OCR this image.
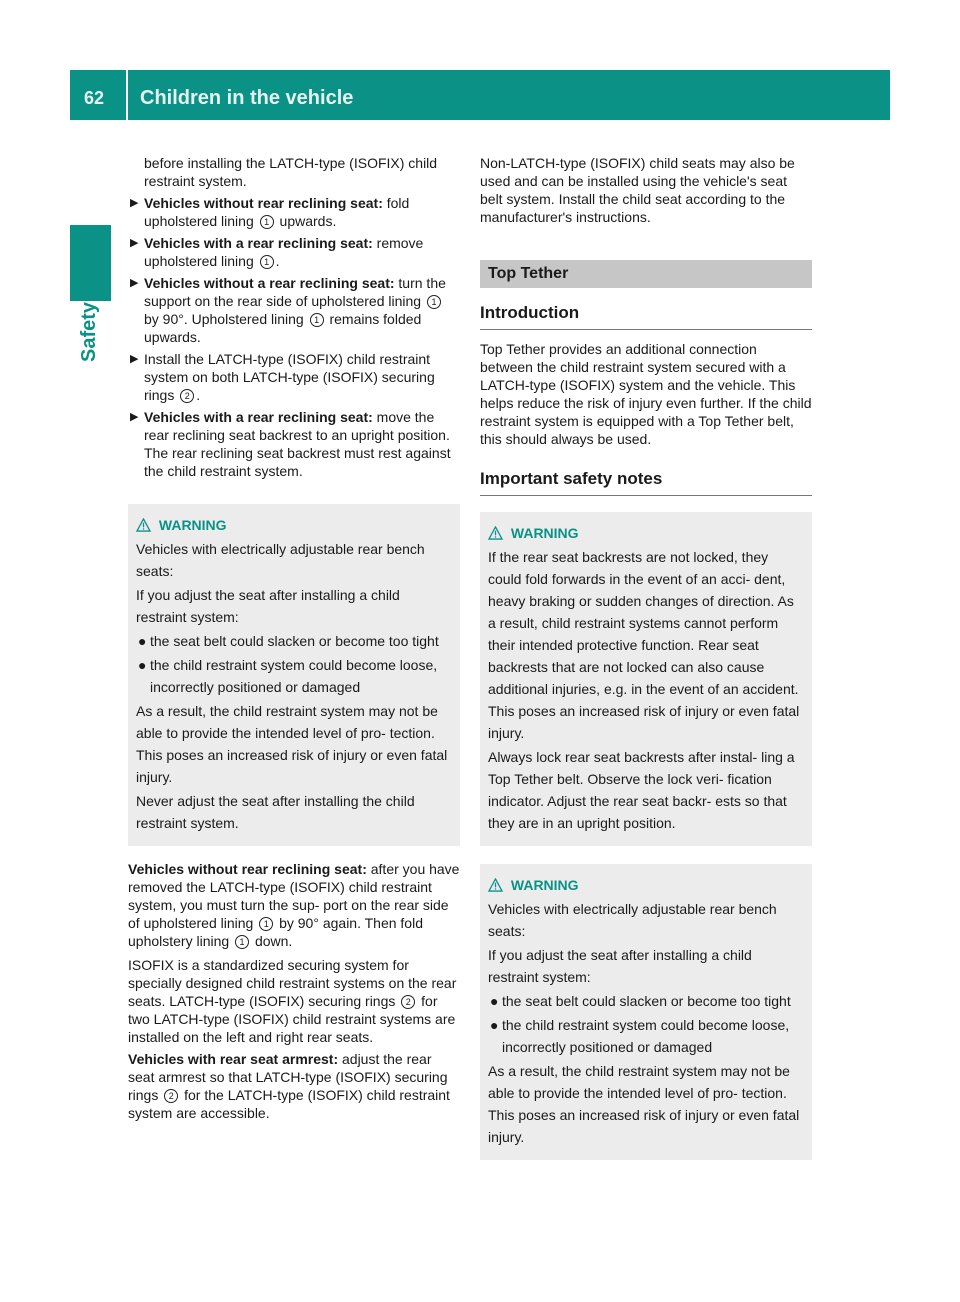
62 Children in the vehicle
Safety

before installing the LATCH-type (ISOFIX) child restraint system.

▶ Vehicles without rear reclining seat: fold upholstered lining 1 upwards.
▶ Vehicles with a rear reclining seat: remove upholstered lining 1 .
▶ Vehicles without a rear reclining seat: turn the support on the rear side of upholstered lining 1 by 90°. Upholstered lining 1 remains folded upwards.
▶ Install the LATCH-type (ISOFIX) child restraint system on both LATCH-type (ISOFIX) securing rings 2 .
▶ Vehicles with a rear reclining seat: move the rear reclining seat backrest to an upright position. The rear reclining seat backrest must rest against the child restraint system.
WARNING

Vehicles with electrically adjustable rear bench seats:

If you adjust the seat after installing a child restraint system:

● the seat belt could slacken or become too tight
● the child restraint system could become loose, incorrectly positioned or damaged

As a result, the child restraint system may not be able to provide the intended level of pro- tection. This poses an increased risk of injury or even fatal injury.

Never adjust the seat after installing the child restraint system.

Vehicles without rear reclining seat: after you have removed the LATCH-type (ISOFIX) child restraint system, you must turn the sup- port on the rear side of upholstered lining 1 by 90° again. Then fold upholstery lining 1 down.

ISOFIX is a standardized securing system for specially designed child restraint systems on the rear seats. LATCH-type (ISOFIX) securing rings 2 for two LATCH-type (ISOFIX) child restraint systems are installed on the left and right rear seats.

Vehicles with rear seat armrest: adjust the rear seat armrest so that LATCH-type (ISOFIX) securing rings 2 for the LATCH-type (ISOFIX) child restraint system are accessible.

Non-LATCH-type (ISOFIX) child seats may also be used and can be installed using the vehicle's seat belt system. Install the child seat according to the manufacturer's instructions.

Top Tether
Introduction

Top Tether provides an additional connection between the child restraint system secured with a LATCH-type (ISOFIX) system and the vehicle. This helps reduce the risk of injury even further. If the child restraint system is equipped with a Top Tether belt, this should always be used.

Important safety notes
WARNING

If the rear seat backrests are not locked, they could fold forwards in the event of an acci- dent, heavy braking or sudden changes of direction. As a result, child restraint systems cannot perform their intended protective function. Rear seat backrests that are not locked can also cause additional injuries, e.g. in the event of an accident. This poses an increased risk of injury or even fatal injury.

Always lock rear seat backrests after instal- ling a Top Tether belt. Observe the lock veri- fication indicator. Adjust the rear seat backr- ests so that they are in an upright position.

WARNING

Vehicles with electrically adjustable rear bench seats:

If you adjust the seat after installing a child restraint system:

● the seat belt could slacken or become too tight
● the child restraint system could become loose, incorrectly positioned or damaged

As a result, the child restraint system may not be able to provide the intended level of pro- tection. This poses an increased risk of injury or even fatal injury.
